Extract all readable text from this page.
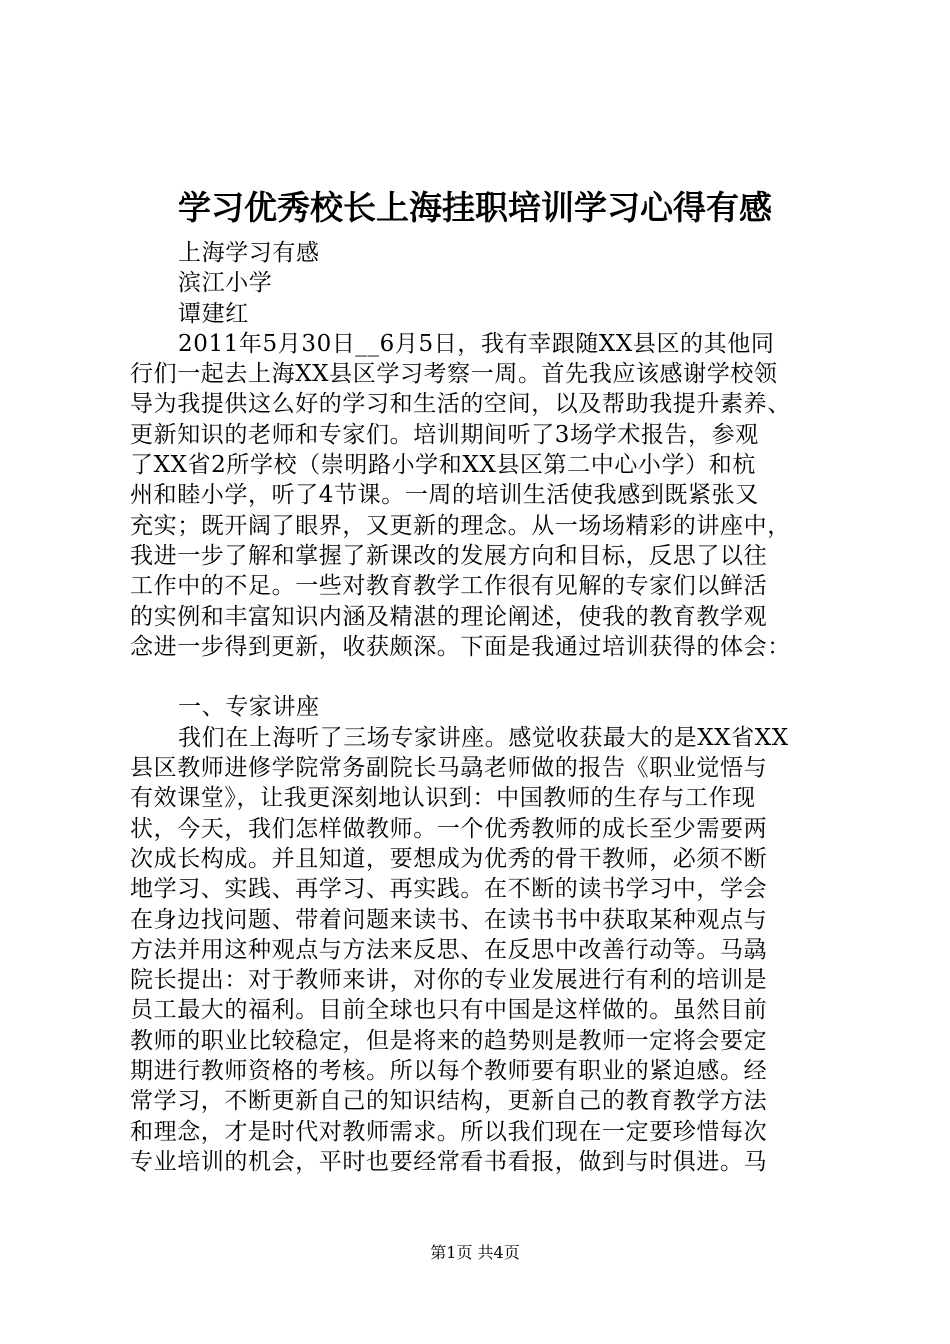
学习优秀校长上海挂职培训学习心得有感
上海学习有感
滨江小学
谭建红
2011年5月30日__6月5日，我有幸跟随XX县区的其他同
行们一起去上海XX县区学习考察一周。首先我应该感谢学校领
导为我提供这么好的学习和生活的空间，以及帮助我提升素养、
更新知识的老师和专家们。培训期间听了3场学术报告，参观
了XX省2所学校（崇明路小学和XX县区第二中心小学）和杭
州和睦小学，听了4节课。一周的培训生活使我感到既紧张又
充实；既开阔了眼界，又更新的理念。从一场场精彩的讲座中，
我进一步了解和掌握了新课改的发展方向和目标，反思了以往
工作中的不足。一些对教育教学工作很有见解的专家们以鲜活
的实例和丰富知识内涵及精湛的理论阐述，使我的教育教学观
念进一步得到更新，收获颇深。下面是我通过培训获得的体会：
一、专家讲座
我们在上海听了三场专家讲座。感觉收获最大的是XX省XX
县区教师进修学院常务副院长马骉老师做的报告《职业觉悟与
有效课堂》，让我更深刻地认识到：中国教师的生存与工作现
状，今天，我们怎样做教师。一个优秀教师的成长至少需要两
次成长构成。并且知道，要想成为优秀的骨干教师，必须不断
地学习、实践、再学习、再实践。在不断的读书学习中，学会
在身边找问题、带着问题来读书、在读书书中获取某种观点与
方法并用这种观点与方法来反思、在反思中改善行动等。马骉
院长提出：对于教师来讲，对你的专业发展进行有利的培训是
员工最大的福利。目前全球也只有中国是这样做的。虽然目前
教师的职业比较稳定，但是将来的趋势则是教师一定将会要定
期进行教师资格的考核。所以每个教师要有职业的紧迫感。经
常学习，不断更新自己的知识结构，更新自己的教育教学方法
和理念，才是时代对教师需求。所以我们现在一定要珍惜每次
专业培训的机会，平时也要经常看书看报，做到与时俱进。马
第1页 共4页
